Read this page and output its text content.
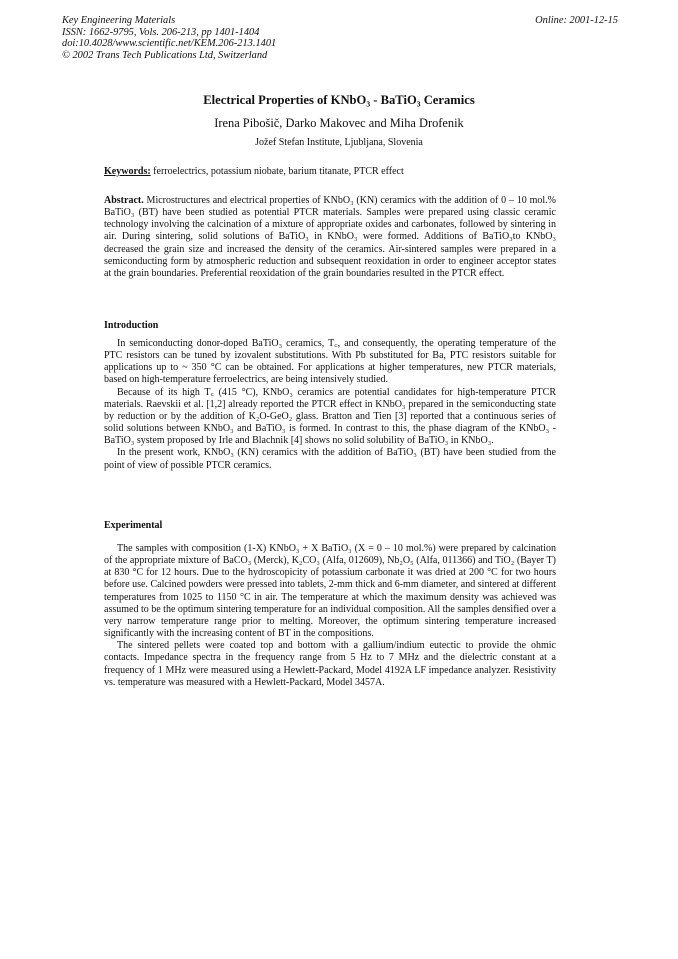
Key Engineering Materials
ISSN: 1662-9795, Vols. 206-213, pp 1401-1404
doi:10.4028/www.scientific.net/KEM.206-213.1401
© 2002 Trans Tech Publications Ltd, Switzerland
Online: 2001-12-15
Electrical Properties of KNbO₃ - BaTiO₃ Ceramics
Irena Pibošič, Darko Makovec and Miha Drofenik
Jožef Stefan Institute, Ljubljana, Slovenia
Keywords: ferroelectrics, potassium niobate, barium titanate, PTCR effect

Abstract. Microstructures and electrical properties of KNbO₃ (KN) ceramics with the addition of 0 – 10 mol.% BaTiO₃ (BT) have been studied as potential PTCR materials. Samples were prepared using classic ceramic technology involving the calcination of a mixture of appropriate oxides and carbonates, followed by sintering in air. During sintering, solid solutions of BaTiO₃ in KNbO₃ were formed. Additions of BaTiO₃to KNbO₃ decreased the grain size and increased the density of the ceramics. Air-sintered samples were prepared in a semiconducting form by atmospheric reduction and subsequent reoxidation in order to engineer acceptor states at the grain boundaries. Preferential reoxidation of the grain boundaries resulted in the PTCR effect.

Introduction

In semiconducting donor-doped BaTiO₃ ceramics, T꜀, and consequently, the operating temperature of the PTC resistors can be tuned by izovalent substitutions. With Pb substituted for Ba, PTC resistors suitable for applications up to ~ 350 °C can be obtained. For applications at higher temperatures, new PTCR materials, based on high-temperature ferroelectrics, are being intensively studied.

Because of its high T꜀ (415 °C), KNbO₃ ceramics are potential candidates for high-temperature PTCR materials. Raevskii et al. [1,2] already reported the PTCR effect in KNbO₃ prepared in the semiconducting state by reduction or by the addition of K₂O-GeO₂ glass. Bratton and Tien [3] reported that a continuous series of solid solutions between KNbO₃ and BaTiO₃ is formed. In contrast to this, the phase diagram of the KNbO₃ - BaTiO₃ system proposed by Irle and Blachnik [4] shows no solid solubility of BaTiO₃ in KNbO₃.

In the present work, KNbO₃ (KN) ceramics with the addition of BaTiO₃ (BT) have been studied from the point of view of possible PTCR ceramics.

Experimental

The samples with composition (1-X) KNbO₃ + X BaTiO₃ (X = 0 – 10 mol.%) were prepared by calcination of the appropriate mixture of BaCO₃ (Merck), K₂CO₃ (Alfa, 012609), Nb₂O₅ (Alfa, 011366) and TiO₂ (Bayer T) at 830 °C for 12 hours. Due to the hydroscopicity of potassium carbonate it was dried at 200 °C for two hours before use. Calcined powders were pressed into tablets, 2-mm thick and 6-mm diameter, and sintered at different temperatures from 1025 to 1150 °C in air. The temperature at which the maximum density was achieved was assumed to be the optimum sintering temperature for an individual composition. All the samples densified over a very narrow temperature range prior to melting. Moreover, the optimum sintering temperature increased significantly with the increasing content of BT in the compositions.

The sintered pellets were coated top and bottom with a gallium/indium eutectic to provide the ohmic contacts. Impedance spectra in the frequency range from 5 Hz to 7 MHz and the dielectric constant at a frequency of 1 MHz were measured using a Hewlett-Packard, Model 4192A LF impedance analyzer. Resistivity vs. temperature was measured with a Hewlett-Packard, Model 3457A.
